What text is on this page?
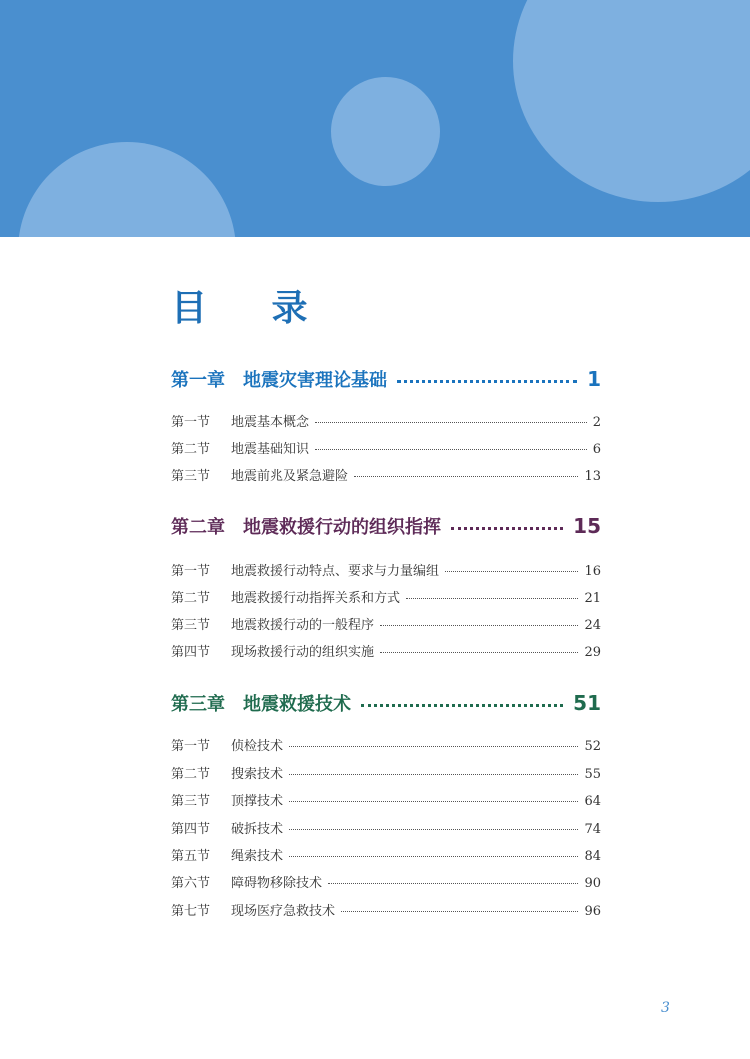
目 录
第一章　地震灾害理论基础	1
第一节	地震基本概念	2
第二节	地震基础知识	6
第三节	地震前兆及紧急避险	13
第二章　地震救援行动的组织指挥	15
第一节	地震救援行动特点、要求与力量编组	16
第二节	地震救援行动指挥关系和方式	21
第三节	地震救援行动的一般程序	24
第四节	现场救援行动的组织实施	29
第三章　地震救援技术	51
第一节	侦检技术	52
第二节	搜索技术	55
第三节	顶撑技术	64
第四节	破拆技术	74
第五节	绳索技术	84
第六节	障碍物移除技术	90
第七节	现场医疗急救技术	96
3
